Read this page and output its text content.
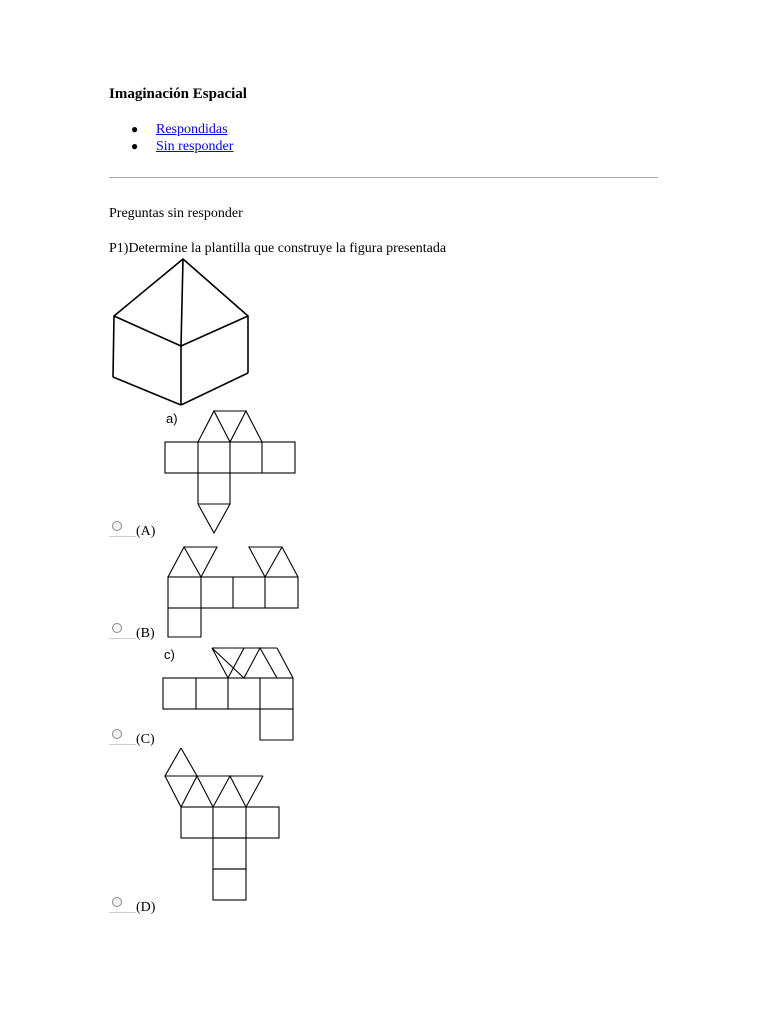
Imaginación Espacial
● Respondidas
● Sin responder
Preguntas sin responder
P1)Determine la plantilla que construye la figura presentada
a)
c)
(A)
(B)
(C)
(D)
